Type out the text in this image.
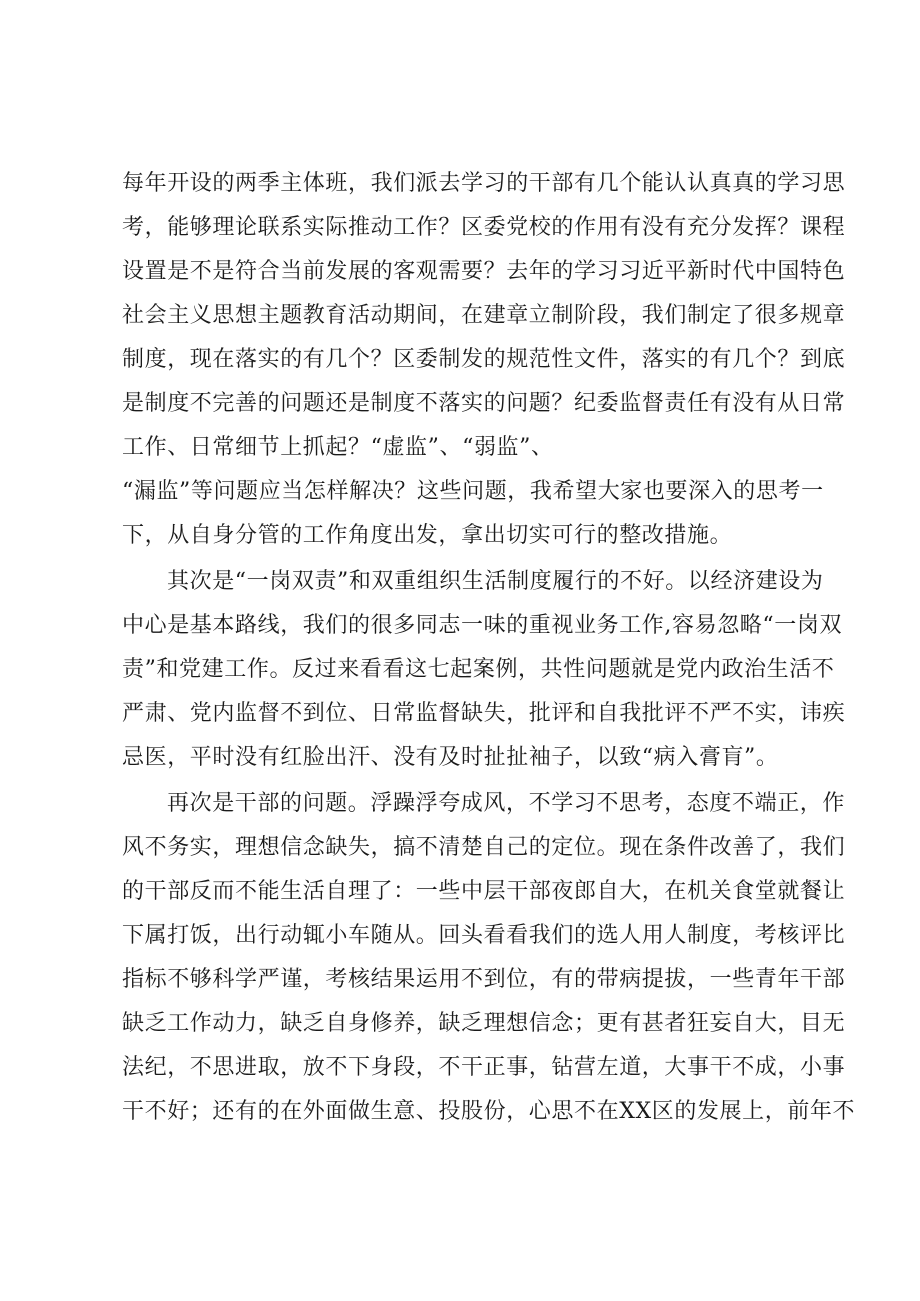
每年开设的两季主体班，我们派去学习的干部有几个能认认真真的学习思
考，能够理论联系实际推动工作？区委党校的作用有没有充分发挥？课程
设置是不是符合当前发展的客观需要？去年的学习习近平新时代中国特色
社会主义思想主题教育活动期间，在建章立制阶段，我们制定了很多规章
制度，现在落实的有几个？区委制发的规范性文件，落实的有几个？到底
是制度不完善的问题还是制度不落实的问题？纪委监督责任有没有从日常
工作、日常细节上抓起？“虚监”、“弱监”、
“漏监”等问题应当怎样解决？这些问题，我希望大家也要深入的思考一
下，从自身分管的工作角度出发，拿出切实可行的整改措施。
其次是“一岗双责”和双重组织生活制度履行的不好。以经济建设为
中心是基本路线，我们的很多同志一味的重视业务工作,容易忽略“一岗双
责”和党建工作。反过来看看这七起案例，共性问题就是党内政治生活不
严肃、党内监督不到位、日常监督缺失，批评和自我批评不严不实，讳疾
忌医，平时没有红脸出汗、没有及时扯扯袖子，以致“病入膏肓”。
再次是干部的问题。浮躁浮夸成风，不学习不思考，态度不端正，作
风不务实，理想信念缺失，搞不清楚自己的定位。现在条件改善了，我们
的干部反而不能生活自理了：一些中层干部夜郎自大，在机关食堂就餐让
下属打饭，出行动辄小车随从。回头看看我们的选人用人制度，考核评比
指标不够科学严谨，考核结果运用不到位，有的带病提拔，一些青年干部
缺乏工作动力，缺乏自身修养，缺乏理想信念；更有甚者狂妄自大，目无
法纪，不思进取，放不下身段，不干正事，钻营左道，大事干不成，小事
干不好；还有的在外面做生意、投股份，心思不在XX区的发展上，前年不
